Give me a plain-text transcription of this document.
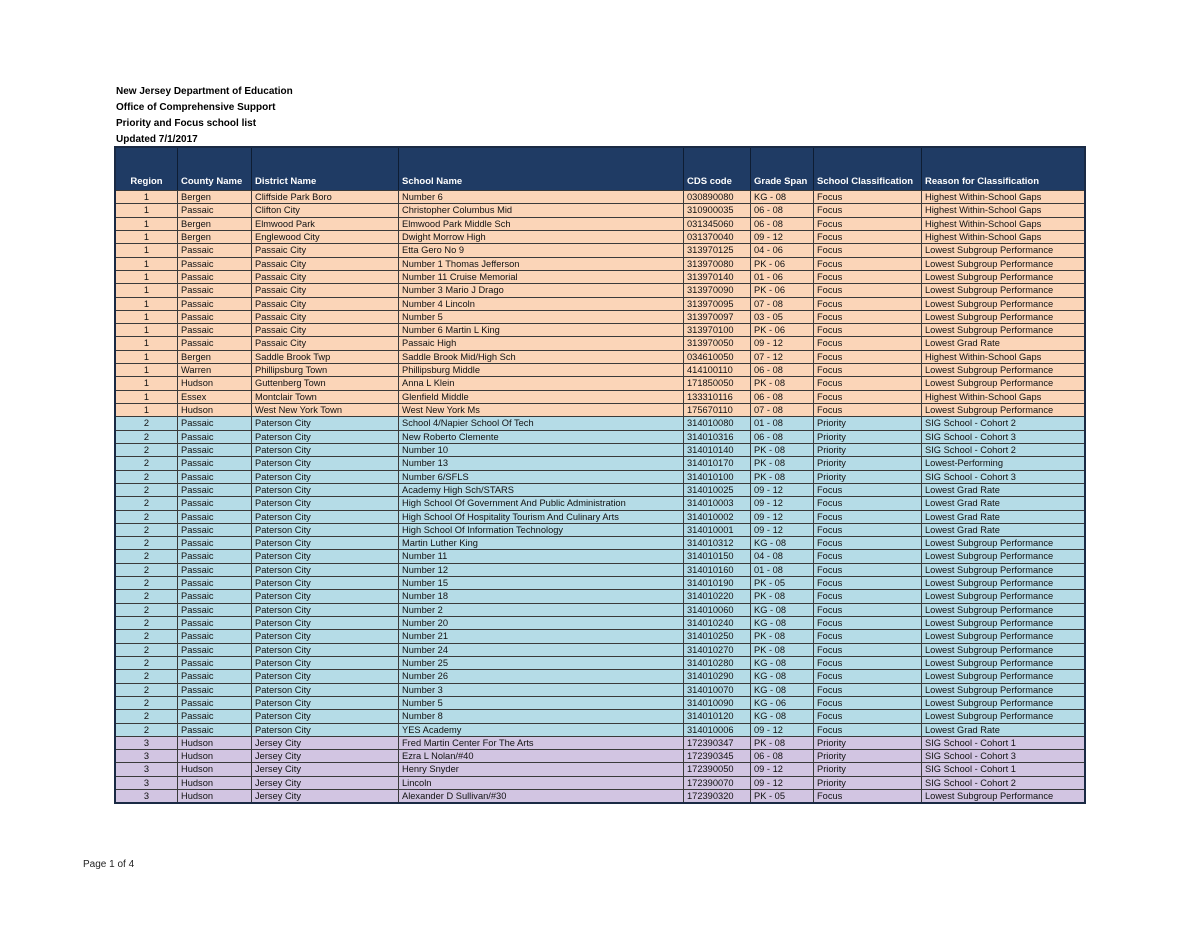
New Jersey Department of Education
Office of Comprehensive Support
Priority and Focus school list
Updated 7/1/2017
Region	County Name	District Name	School Name	CDS code	Grade Span	School Classification	Reason for Classification
1	Bergen	Cliffside Park Boro	Number 6	030890080	KG - 08	Focus	Highest Within-School Gaps
1	Passaic	Clifton City	Christopher Columbus Mid	310900035	06 - 08	Focus	Highest Within-School Gaps
1	Bergen	Elmwood Park	Elmwood Park Middle Sch	031345060	06 - 08	Focus	Highest Within-School Gaps
1	Bergen	Englewood City	Dwight Morrow High	031370040	09 - 12	Focus	Highest Within-School Gaps
1	Passaic	Passaic City	Etta Gero No 9	313970125	04 - 06	Focus	Lowest Subgroup Performance
1	Passaic	Passaic City	Number 1 Thomas Jefferson	313970080	PK - 06	Focus	Lowest Subgroup Performance
1	Passaic	Passaic City	Number 11 Cruise Memorial	313970140	01 - 06	Focus	Lowest Subgroup Performance
1	Passaic	Passaic City	Number 3 Mario J Drago	313970090	PK - 06	Focus	Lowest Subgroup Performance
1	Passaic	Passaic City	Number 4 Lincoln	313970095	07 - 08	Focus	Lowest Subgroup Performance
1	Passaic	Passaic City	Number 5	313970097	03 - 05	Focus	Lowest Subgroup Performance
1	Passaic	Passaic City	Number 6 Martin L King	313970100	PK - 06	Focus	Lowest Subgroup Performance
1	Passaic	Passaic City	Passaic High	313970050	09 - 12	Focus	Lowest Grad Rate
1	Bergen	Saddle Brook Twp	Saddle Brook Mid/High Sch	034610050	07 - 12	Focus	Highest Within-School Gaps
1	Warren	Phillipsburg Town	Phillipsburg Middle	414100110	06 - 08	Focus	Lowest Subgroup Performance
1	Hudson	Guttenberg Town	Anna L Klein	171850050	PK - 08	Focus	Lowest Subgroup Performance
1	Essex	Montclair Town	Glenfield Middle	133310116	06 - 08	Focus	Highest Within-School Gaps
1	Hudson	West New York Town	West New York Ms	175670110	07 - 08	Focus	Lowest Subgroup Performance
2	Passaic	Paterson City	School 4/Napier School Of Tech	314010080	01 - 08	Priority	SIG School - Cohort 2
2	Passaic	Paterson City	New Roberto Clemente	314010316	06 - 08	Priority	SIG School - Cohort 3
2	Passaic	Paterson City	Number 10	314010140	PK - 08	Priority	SIG School - Cohort 2
2	Passaic	Paterson City	Number 13	314010170	PK - 08	Priority	Lowest-Performing
2	Passaic	Paterson City	Number 6/SFLS	314010100	PK - 08	Priority	SIG School - Cohort 3
2	Passaic	Paterson City	Academy High Sch/STARS	314010025	09 - 12	Focus	Lowest Grad Rate
2	Passaic	Paterson City	High School Of Government And Public Administration	314010003	09 - 12	Focus	Lowest Grad Rate
2	Passaic	Paterson City	High School Of Hospitality Tourism And Culinary Arts	314010002	09 - 12	Focus	Lowest Grad Rate
2	Passaic	Paterson City	High School Of Information Technology	314010001	09 - 12	Focus	Lowest Grad Rate
2	Passaic	Paterson City	Martin Luther King	314010312	KG - 08	Focus	Lowest Subgroup Performance
2	Passaic	Paterson City	Number 11	314010150	04 - 08	Focus	Lowest Subgroup Performance
2	Passaic	Paterson City	Number 12	314010160	01 - 08	Focus	Lowest Subgroup Performance
2	Passaic	Paterson City	Number 15	314010190	PK - 05	Focus	Lowest Subgroup Performance
2	Passaic	Paterson City	Number 18	314010220	PK - 08	Focus	Lowest Subgroup Performance
2	Passaic	Paterson City	Number 2	314010060	KG - 08	Focus	Lowest Subgroup Performance
2	Passaic	Paterson City	Number 20	314010240	KG - 08	Focus	Lowest Subgroup Performance
2	Passaic	Paterson City	Number 21	314010250	PK - 08	Focus	Lowest Subgroup Performance
2	Passaic	Paterson City	Number 24	314010270	PK - 08	Focus	Lowest Subgroup Performance
2	Passaic	Paterson City	Number 25	314010280	KG - 08	Focus	Lowest Subgroup Performance
2	Passaic	Paterson City	Number 26	314010290	KG - 08	Focus	Lowest Subgroup Performance
2	Passaic	Paterson City	Number 3	314010070	KG - 08	Focus	Lowest Subgroup Performance
2	Passaic	Paterson City	Number 5	314010090	KG - 06	Focus	Lowest Subgroup Performance
2	Passaic	Paterson City	Number 8	314010120	KG - 08	Focus	Lowest Subgroup Performance
2	Passaic	Paterson City	YES Academy	314010006	09 - 12	Focus	Lowest Grad Rate
3	Hudson	Jersey City	Fred Martin Center For The Arts	172390347	PK - 08	Priority	SIG School - Cohort 1
3	Hudson	Jersey City	Ezra L Nolan/#40	172390345	06 - 08	Priority	SIG School - Cohort 3
3	Hudson	Jersey City	Henry Snyder	172390050	09 - 12	Priority	SIG School - Cohort 1
3	Hudson	Jersey City	Lincoln	172390070	09 - 12	Priority	SIG School - Cohort 2
3	Hudson	Jersey City	Alexander D Sullivan/#30	172390320	PK - 05	Focus	Lowest Subgroup Performance
Page 1 of 4
